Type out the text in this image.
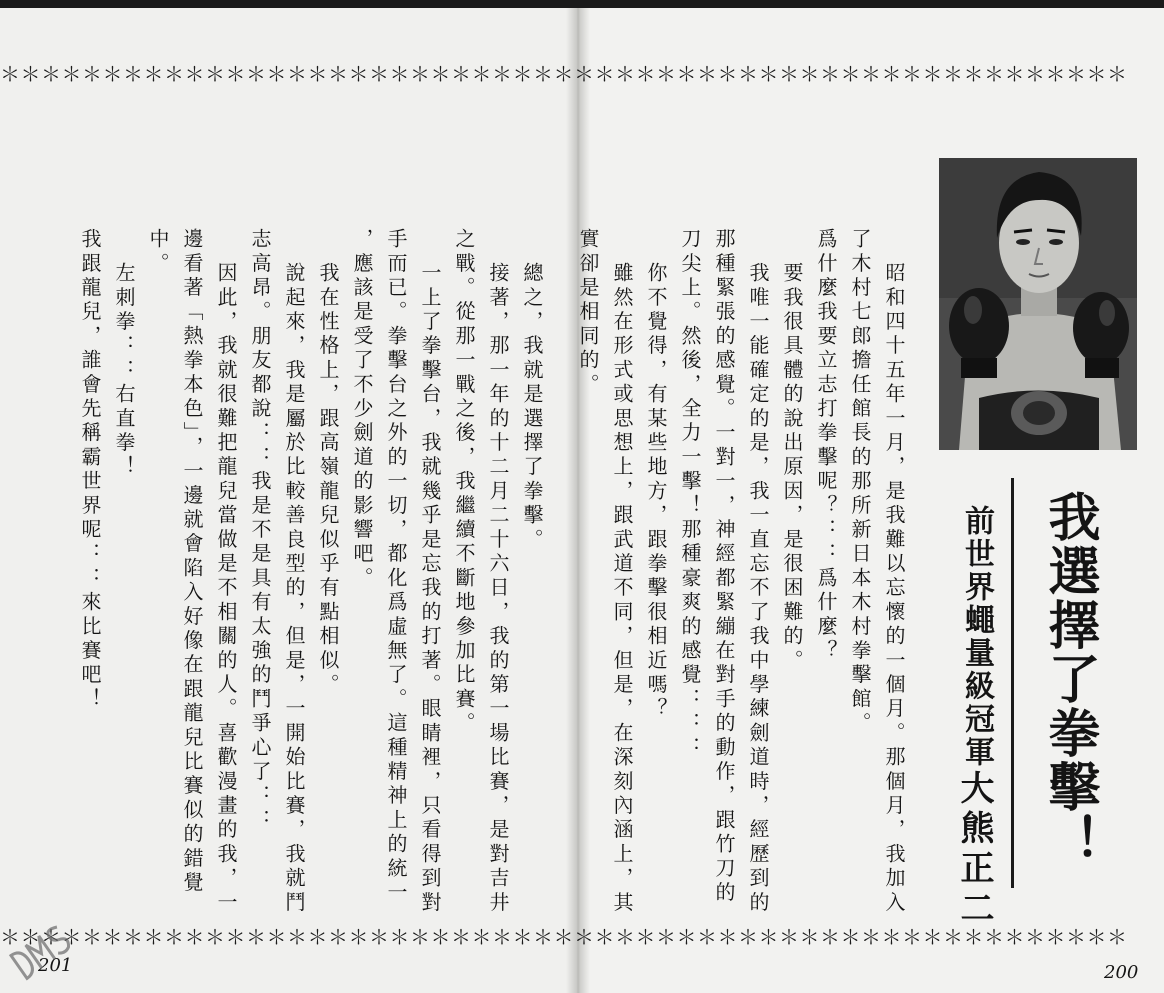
＊＊＊＊＊＊＊＊＊＊＊＊＊＊＊＊＊＊＊＊＊＊＊＊＊＊＊＊＊＊＊＊＊＊＊＊＊＊＊＊＊＊＊＊＊＊＊＊＊＊＊＊＊＊＊
＊＊＊＊＊＊＊＊＊＊＊＊＊＊＊＊＊＊＊＊＊＊＊＊＊＊＊＊＊＊＊＊＊＊＊＊＊＊＊＊＊＊＊＊＊＊＊＊＊＊＊＊＊＊＊
我選擇了拳擊！
前世界蠅量級冠軍
大熊正二
昭和四十五年一月，是我難以忘懷的一個月。那個月，我加入
了木村七郎擔任館長的那所新日本木村拳擊館。
爲什麼我要立志打拳擊呢？：：爲什麼？
要我很具體的說出原因，是很困難的。
我唯一能確定的是，我一直忘不了我中學練劍道時，經歷到的
那種緊張的感覺。一對一，神經都緊繃在對手的動作，跟竹刀的
刀尖上。然後，全力一擊！那種豪爽的感覺：：：
你不覺得，有某些地方，跟拳擊很相近嗎？
雖然在形式或思想上，跟武道不同，但是，在深刻內涵上，其
實卻是相同的。
總之，我就是選擇了拳擊。
接著，那一年的十二月二十六日，我的第一場比賽，是對吉井
之戰。從那一戰之後，我繼續不斷地參加比賽。
一上了拳擊台，我就幾乎是忘我的打著。眼睛裡，只看得到對
手而已。拳擊台之外的一切，都化爲虛無了。這種精神上的統一
，應該是受了不少劍道的影響吧。
我在性格上，跟高嶺龍兒似乎有點相似。
說起來，我是屬於比較善良型的，但是，一開始比賽，我就鬥
志高昂。朋友都說：：我是不是具有太強的鬥爭心了：：
因此，我就很難把龍兒當做是不相關的人。喜歡漫畫的我，一
邊看著「熱拳本色」，一邊就會陷入好像在跟龍兒比賽似的錯覺
中。
左刺拳：：右直拳！
我跟龍兒，誰會先稱霸世界呢：：來比賽吧！
201	200
